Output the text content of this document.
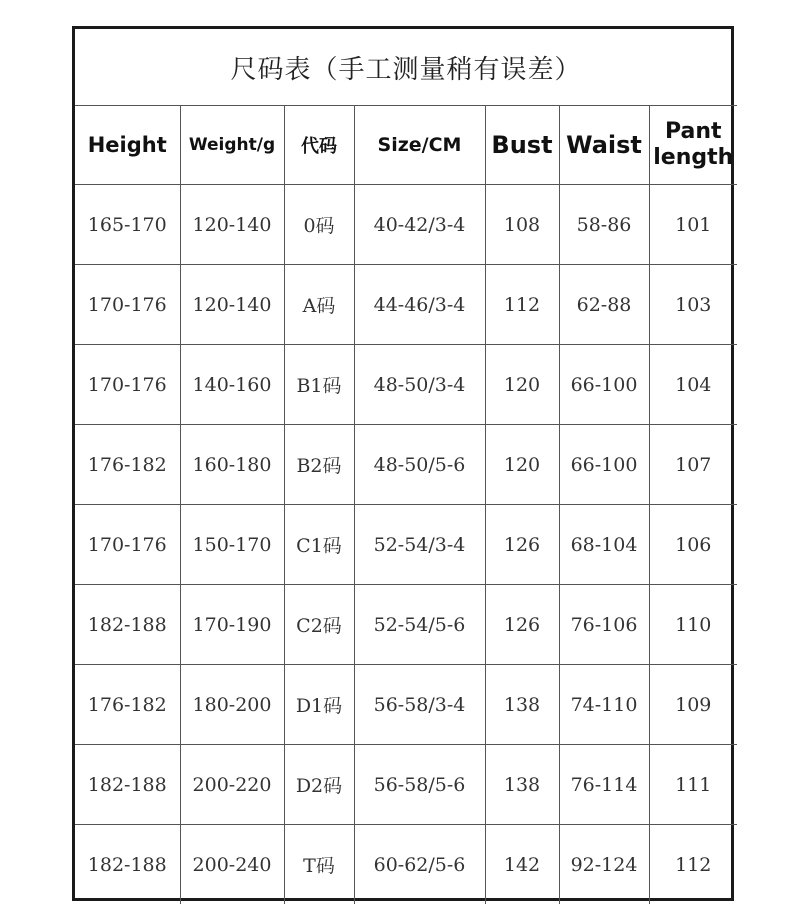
尺码表（手工测量稍有误差）						
Height	Weight/g	代码	Size/CM	Bust	Waist	Pant
length

165-170	120-140	0码	40-42/3-4	108	58-86	101
170-176	120-140	A码	44-46/3-4	112	62-88	103
170-176	140-160	B1码	48-50/3-4	120	66-100	104
176-182	160-180	B2码	48-50/5-6	120	66-100	107
170-176	150-170	C1码	52-54/3-4	126	68-104	106
182-188	170-190	C2码	52-54/5-6	126	76-106	110
176-182	180-200	D1码	56-58/3-4	138	74-110	109
182-188	200-220	D2码	56-58/5-6	138	76-114	111
182-188	200-240	T码	60-62/5-6	142	92-124	112
